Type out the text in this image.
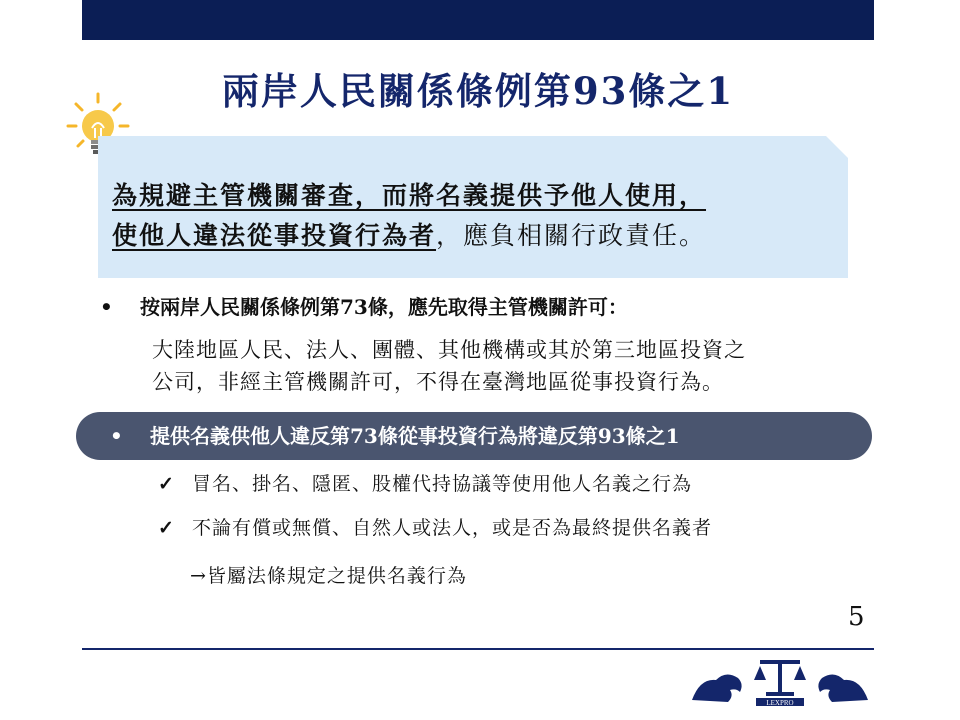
兩岸人民關係條例第93條之1
為規避主管機關審查，而將名義提供予他人使用，
使他人違法從事投資行為者，應負相關行政責任。
• 按兩岸人民關係條例第73條，應先取得主管機關許可：
大陸地區人民、法人、團體、其他機構或其於第三地區投資之
公司，非經主管機關許可，不得在臺灣地區從事投資行為。
• 提供名義供他人違反第73條從事投資行為將違反第93條之1
✓ 冒名、掛名、隱匿、股權代持協議等使用他人名義之行為
✓ 不論有償或無償、自然人或法人，或是否為最終提供名義者
→皆屬法條規定之提供名義行為
5
LEXPRO
